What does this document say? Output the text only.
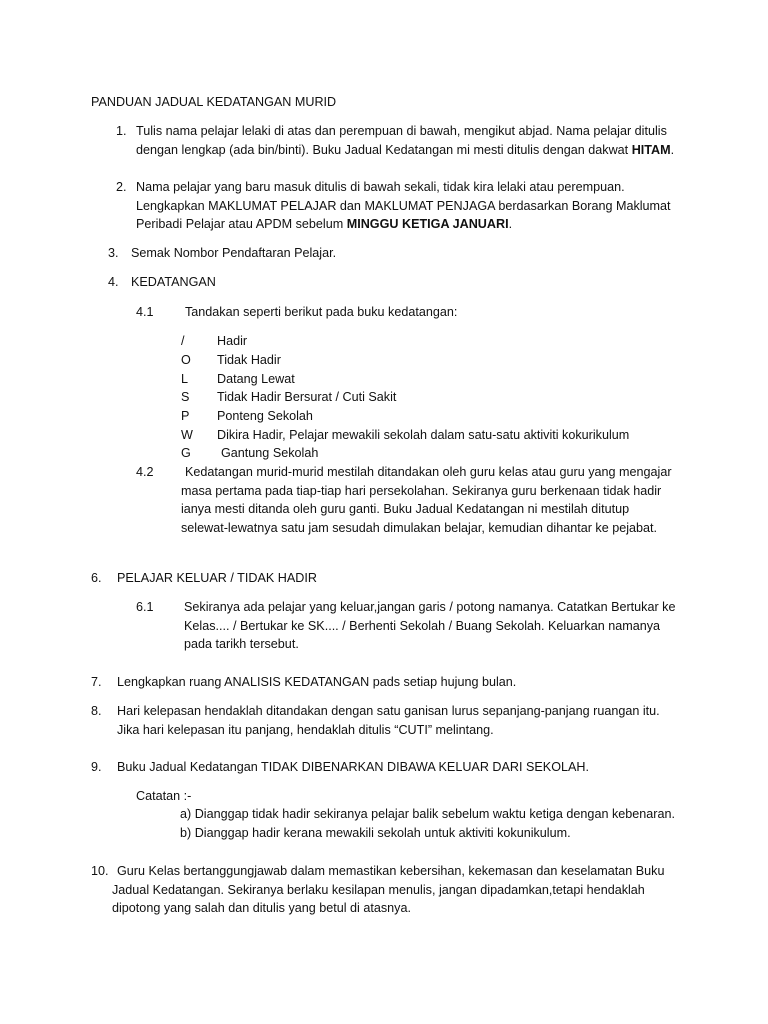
PANDUAN JADUAL KEDATANGAN MURID
1. Tulis nama pelajar lelaki di atas dan perempuan di bawah, mengikut abjad. Nama pelajar ditulis
dengan lengkap (ada bin/binti). Buku Jadual Kedatangan mi mesti ditulis dengan dakwat HITAM.
2. Nama pelajar yang baru masuk ditulis di bawah sekali, tidak kira lelaki atau perempuan.
Lengkapkan MAKLUMAT PELAJAR dan MAKLUMAT PENJAGA berdasarkan Borang Maklumat
Peribadi Pelajar atau APDM sebelum MINGGU KETIGA JANUARI.
3. Semak Nombor Pendaftaran Pelajar.
4. KEDATANGAN
4.1 Tandakan seperti berikut pada buku kedatangan:
/	Hadir
O Tidak Hadir
L Datang Lewat
S Tidak Hadir Bersurat / Cuti Sakit
P Ponteng Sekolah
W Dikira Hadir, Pelajar mewakili sekolah dalam satu-satu aktiviti kokurikulum
G Gantung Sekolah
4.2	Kedatangan murid-murid mestilah ditandakan oleh guru kelas atau guru yang mengajar
masa pertama pada tiap-tiap hari persekolahan. Sekiranya guru berkenaan tidak hadir
ianya mesti ditanda oleh guru ganti. Buku Jadual Kedatangan ni mestilah ditutup
selewat-lewatnya satu jam sesudah dimulakan belajar, kemudian dihantar ke pejabat.
6. PELAJAR KELUAR / TIDAK HADIR
6.1 Sekiranya ada pelajar yang keluar,jangan garis / potong namanya. Catatkan Bertukar ke
Kelas.... / Bertukar ke SK.... / Berhenti Sekolah / Buang Sekolah. Keluarkan namanya
pada tarikh tersebut.
7. Lengkapkan ruang ANALISIS KEDATANGAN pads setiap hujung bulan.
8. Hari kelepasan hendaklah ditandakan dengan satu ganisan lurus sepanjang-panjang ruangan itu.
Jika hari kelepasan itu panjang, hendaklah ditulis “CUTI” melintang.
9. Buku Jadual Kedatangan TIDAK DIBENARKAN DIBAWA KELUAR DARI SEKOLAH.
Catatan :-
a) Dianggap tidak hadir sekiranya pelajar balik sebelum waktu ketiga dengan kebenaran.
b) Dianggap hadir kerana mewakili sekolah untuk aktiviti kokunikulum.
10. Guru Kelas bertanggungjawab dalam memastikan kebersihan, kekemasan dan keselamatan Buku
Jadual Kedatangan. Sekiranya berlaku kesilapan menulis, jangan dipadamkan,tetapi hendaklah
dipotong yang salah dan ditulis yang betul di atasnya.
